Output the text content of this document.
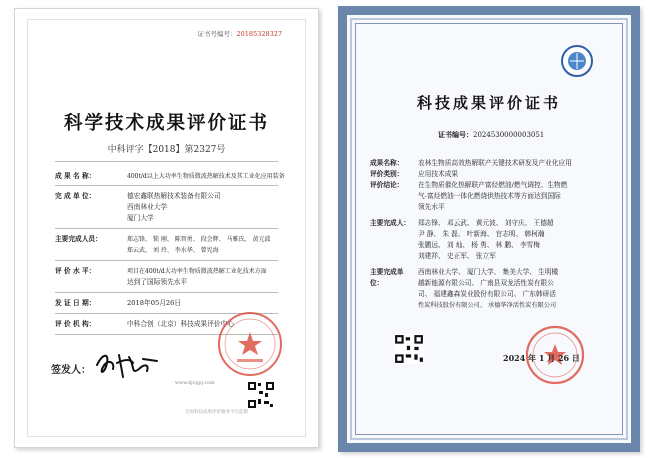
证书号编号：20185328327
科学技术成果评价证书
中科评字【2018】第2327号
成 果 名 称：	400t/d以上大功率生物质微波热解技术及其工业化应用装备
完 成 单 位：	德宏鑫联热解技术装备有限公司
西南林业大学
厦门大学
主要完成人员：	郑志锋、 锁 刚、 陈智勇、 段会辉、 马雅氏、 黄元波
郑云武、 刘 玲、 李水华、 曾宪海
评 价 水 平：	项目在400t/d大功率生物质微波热解工业化技术方面
达到了国际领先水平
发 证 日 期：	2018年05月26日
评 价 机 构：	中科合创（北京）科技成果评价中心
签发人：
www.kjcgpj.com
全国科技成果评价服务平台监制
科技成果评价证书
证书编号：2024530000003051
成果名称：	农林生物质高效热解联产关键技术研发及产业化应用
评价类别：	应用技术成果
评价结论：	在生物质催化热解联产富烃燃油/燃气调控、生物燃
气-富烃燃油一体化燃烧供热技术等方面达到国际
领先水平
主要完成人：	郑志锋、 邓云武、 黄元波、 刘守庆、 王德超
尹 静、 朱 磊、 叶新海、 官志明、 韩柯瀚
张鹏远、 刘 灿、 杨 勇、 林 鹏、 李雪梅
刘建祥、 史正军、 张立军
主要完成单位：
西南林业大学、 厦门大学、 集美大学、 生明橄
越新能源有限公司、 广南县双龙活性炭有限公
司、 福建鑫森炭业股份有限公司、 广东韩研活
性炭科技股份有限公司、 承德华净活性炭有限公司
2024 年 1 月 26 日
